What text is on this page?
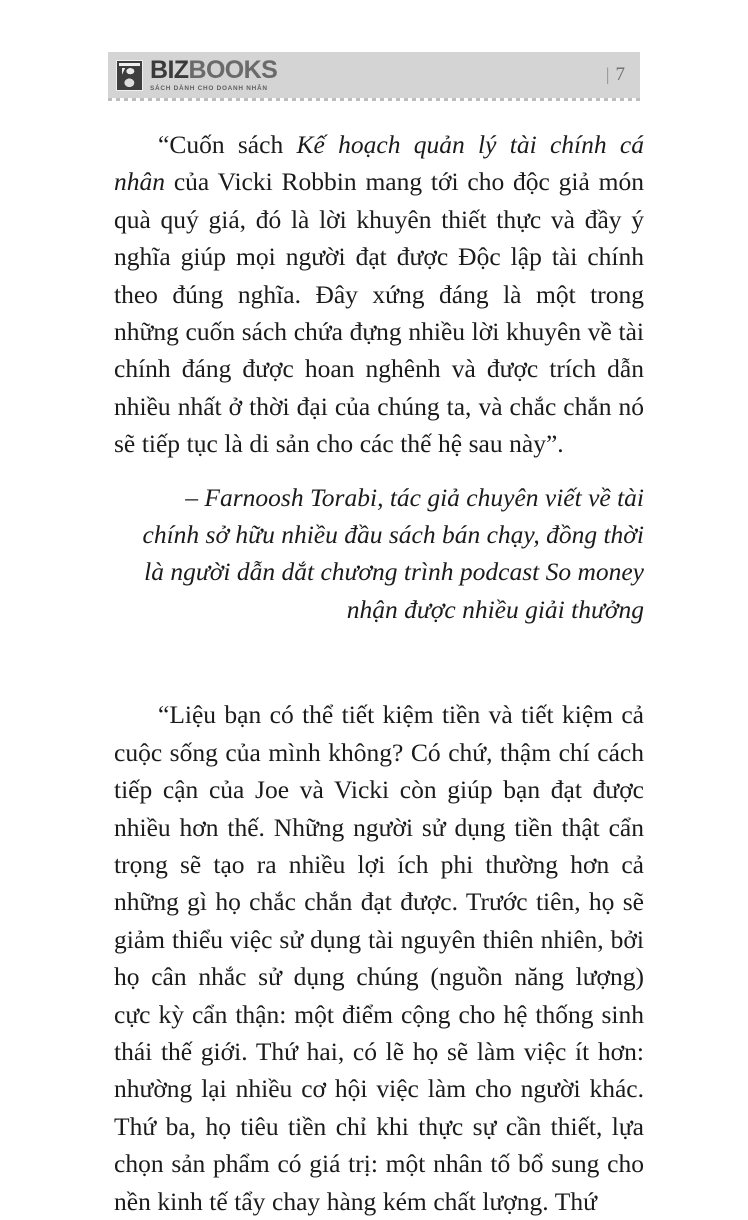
BIZBOOKS
SÁCH DÀNH CHO DOANH NHÂN
| 7

“Cuốn sách Kế hoạch quản lý tài chính cá nhân của Vicki Robbin mang tới cho độc giả món quà quý giá, đó là lời khuyên thiết thực và đầy ý nghĩa giúp mọi người đạt được Độc lập tài chính theo đúng nghĩa. Đây xứng đáng là một trong những cuốn sách chứa đựng nhiều lời khuyên về tài chính đáng được hoan nghênh và được trích dẫn nhiều nhất ở thời đại của chúng ta, và chắc chắn nó sẽ tiếp tục là di sản cho các thế hệ sau này”.

– Farnoosh Torabi, tác giả chuyên viết về tài
chính sở hữu nhiều đầu sách bán chạy, đồng thời
là người dẫn dắt chương trình podcast So money
nhận được nhiều giải thưởng

“Liệu bạn có thể tiết kiệm tiền và tiết kiệm cả cuộc sống của mình không? Có chứ, thậm chí cách tiếp cận của Joe và Vicki còn giúp bạn đạt được nhiều hơn thế. Những người sử dụng tiền thật cẩn trọng sẽ tạo ra nhiều lợi ích phi thường hơn cả những gì họ chắc chắn đạt được. Trước tiên, họ sẽ giảm thiểu việc sử dụng tài nguyên thiên nhiên, bởi họ cân nhắc sử dụng chúng (nguồn năng lượng) cực kỳ cẩn thận: một điểm cộng cho hệ thống sinh thái thế giới. Thứ hai, có lẽ họ sẽ làm việc ít hơn: nhường lại nhiều cơ hội việc làm cho người khác. Thứ ba, họ tiêu tiền chỉ khi thực sự cần thiết, lựa chọn sản phẩm có giá trị: một nhân tố bổ sung cho nền kinh tế tẩy chay hàng kém chất lượng. Thứ
